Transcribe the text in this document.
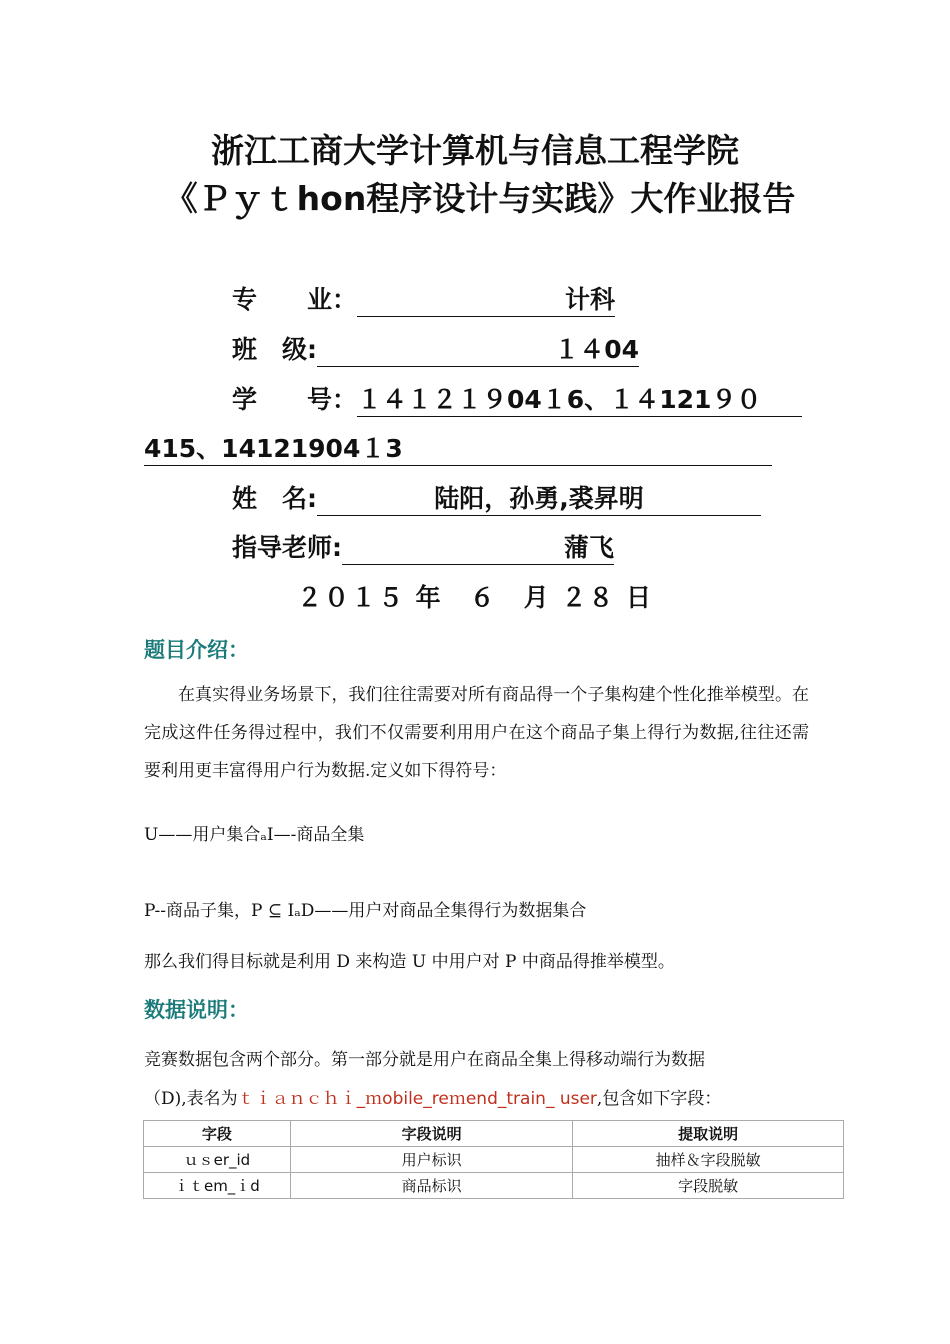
浙江工商大学计算机与信息工程学院
《Ｐｙｔhon程序设计与实践》大作业报告
专　　业：	计科
班　级:	１４04
学　　号：１４１２１９04１6、１４121９０
415、14121904１3
姓　名:	陆阳，孙勇,裘昇明
指导老师:	蒲飞
２０１５ 年　６　月 ２８ 日
题目介绍：
在真实得业务场景下，我们往往需要对所有商品得一个子集构建个性化推举模型。在完成这件任务得过程中，我们不仅需要利用用户在这个商品子集上得行为数据,往往还需要利用更丰富得用户行为数据.定义如下得符号：
U——用户集合ₐI—-商品全集
P--商品子集，P ⊆ IₐD——用户对商品全集得行为数据集合
那么我们得目标就是利用 D 来构造 U 中用户对 P 中商品得推举模型。
数据说明：
竞赛数据包含两个部分。第一部分就是用户在商品全集上得移动端行为数据
（D),表名为ｔｉａｎｃｈｉ_ｍobile_reｍend_train_ user,包含如下字段：
字段	字段说明	提取说明
ｕｓer_id	用户标识	抽样＆字段脱敏
ｉｔem_ｉd	商品标识	字段脱敏
